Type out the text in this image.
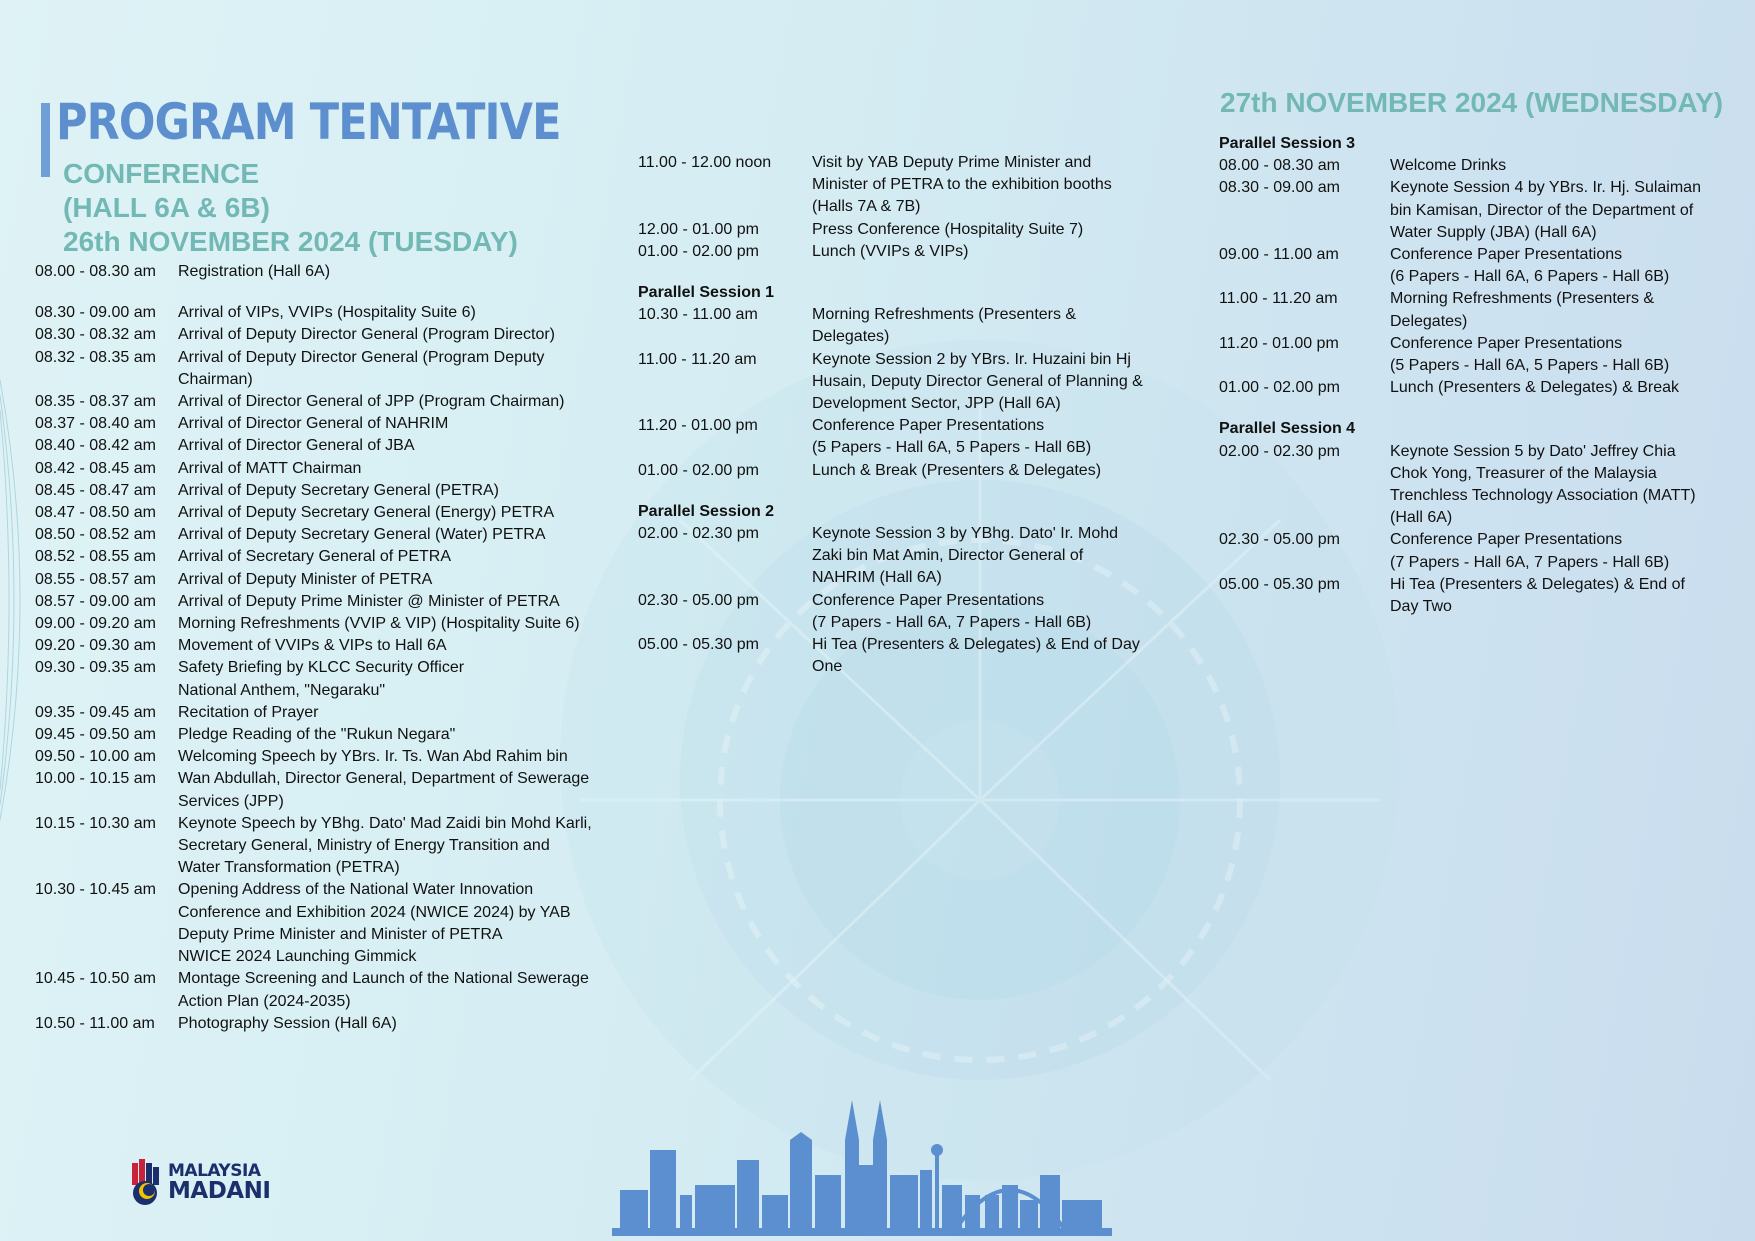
PROGRAM TENTATIVE

CONFERENCE

(HALL 6A & 6B)

26th NOVEMBER 2024 (TUESDAY)

27th NOVEMBER 2024 (WEDNESDAY)

08.00 - 08.30 am	Registration (Hall 6A)
08.30 - 09.00 am	Arrival of VIPs, VVIPs (Hospitality Suite 6)
08.30 - 08.32 am	Arrival of Deputy Director General (Program Director)
08.32 - 08.35 am	Arrival of Deputy Director General (Program Deputy
Chairman)
08.35 - 08.37 am	Arrival of Director General of JPP (Program Chairman)
08.37 - 08.40 am	Arrival of Director General of NAHRIM
08.40 - 08.42 am	Arrival of Director General of JBA
08.42 - 08.45 am	Arrival of MATT Chairman
08.45 - 08.47 am	Arrival of Deputy Secretary General (PETRA)
08.47 - 08.50 am	Arrival of Deputy Secretary General (Energy) PETRA
08.50 - 08.52 am	Arrival of Deputy Secretary General (Water) PETRA
08.52 - 08.55 am	Arrival of Secretary General of PETRA
08.55 - 08.57 am	Arrival of Deputy Minister of PETRA
08.57 - 09.00 am	Arrival of Deputy Prime Minister @ Minister of PETRA
09.00 - 09.20 am	Morning Refreshments (VVIP & VIP) (Hospitality Suite 6)
09.20 - 09.30 am	Movement of VVIPs & VIPs to Hall 6A
09.30 - 09.35 am	Safety Briefing by KLCC Security Officer
National Anthem, "Negaraku"
09.35 - 09.45 am	Recitation of Prayer
09.45 - 09.50 am	Pledge Reading of the "Rukun Negara"
09.50 - 10.00 am	Welcoming Speech by YBrs. Ir. Ts. Wan Abd Rahim bin
10.00 - 10.15 am	Wan Abdullah, Director General, Department of Sewerage
Services (JPP)
10.15 - 10.30 am	Keynote Speech by YBhg. Dato' Mad Zaidi bin Mohd Karli,
Secretary General, Ministry of Energy Transition and
Water Transformation (PETRA)
10.30 - 10.45 am	Opening Address of the National Water Innovation
Conference and Exhibition 2024 (NWICE 2024) by YAB
Deputy Prime Minister and Minister of PETRA
NWICE 2024 Launching Gimmick
10.45 - 10.50 am	Montage Screening and Launch of the National Sewerage
Action Plan (2024-2035)
10.50 - 11.00 am	Photography Session (Hall 6A)
11.00 - 12.00 noon	Visit by YAB Deputy Prime Minister and
Minister of PETRA to the exhibition booths
(Halls 7A & 7B)
12.00 - 01.00 pm	Press Conference (Hospitality Suite 7)
01.00 - 02.00 pm	Lunch (VVIPs & VIPs)
Parallel Session 1
10.30 - 11.00 am	Morning Refreshments (Presenters &
Delegates)
11.00 - 11.20 am	Keynote Session 2 by YBrs. Ir. Huzaini bin Hj
Husain, Deputy Director General of Planning &
Development Sector, JPP (Hall 6A)
11.20 - 01.00 pm	Conference Paper Presentations
(5 Papers - Hall 6A, 5 Papers - Hall 6B)
01.00 - 02.00 pm	Lunch & Break (Presenters & Delegates)
Parallel Session 2
02.00 - 02.30 pm	Keynote Session 3 by YBhg. Dato' Ir. Mohd
Zaki bin Mat Amin, Director General of
NAHRIM (Hall 6A)
02.30 - 05.00 pm	Conference Paper Presentations
(7 Papers - Hall 6A, 7 Papers - Hall 6B)
05.00 - 05.30 pm	Hi Tea (Presenters & Delegates) & End of Day
One
Parallel Session 3
08.00 - 08.30 am	Welcome Drinks
08.30 - 09.00 am	Keynote Session 4 by YBrs. Ir. Hj. Sulaiman
bin Kamisan, Director of the Department of
Water Supply (JBA) (Hall 6A)
09.00 - 11.00 am	Conference Paper Presentations
(6 Papers - Hall 6A, 6 Papers - Hall 6B)
11.00 - 11.20 am	Morning Refreshments (Presenters &
Delegates)
11.20 - 01.00 pm	Conference Paper Presentations
(5 Papers - Hall 6A, 5 Papers - Hall 6B)
01.00 - 02.00 pm	Lunch (Presenters & Delegates) & Break
Parallel Session 4
02.00 - 02.30 pm	Keynote Session 5 by Dato' Jeffrey Chia
Chok Yong, Treasurer of the Malaysia
Trenchless Technology Association (MATT)
(Hall 6A)
02.30 - 05.00 pm	Conference Paper Presentations
(7 Papers - Hall 6A, 7 Papers - Hall 6B)
05.00 - 05.30 pm	Hi Tea (Presenters & Delegates) & End of
Day Two
MALAYSIA
MADANI
